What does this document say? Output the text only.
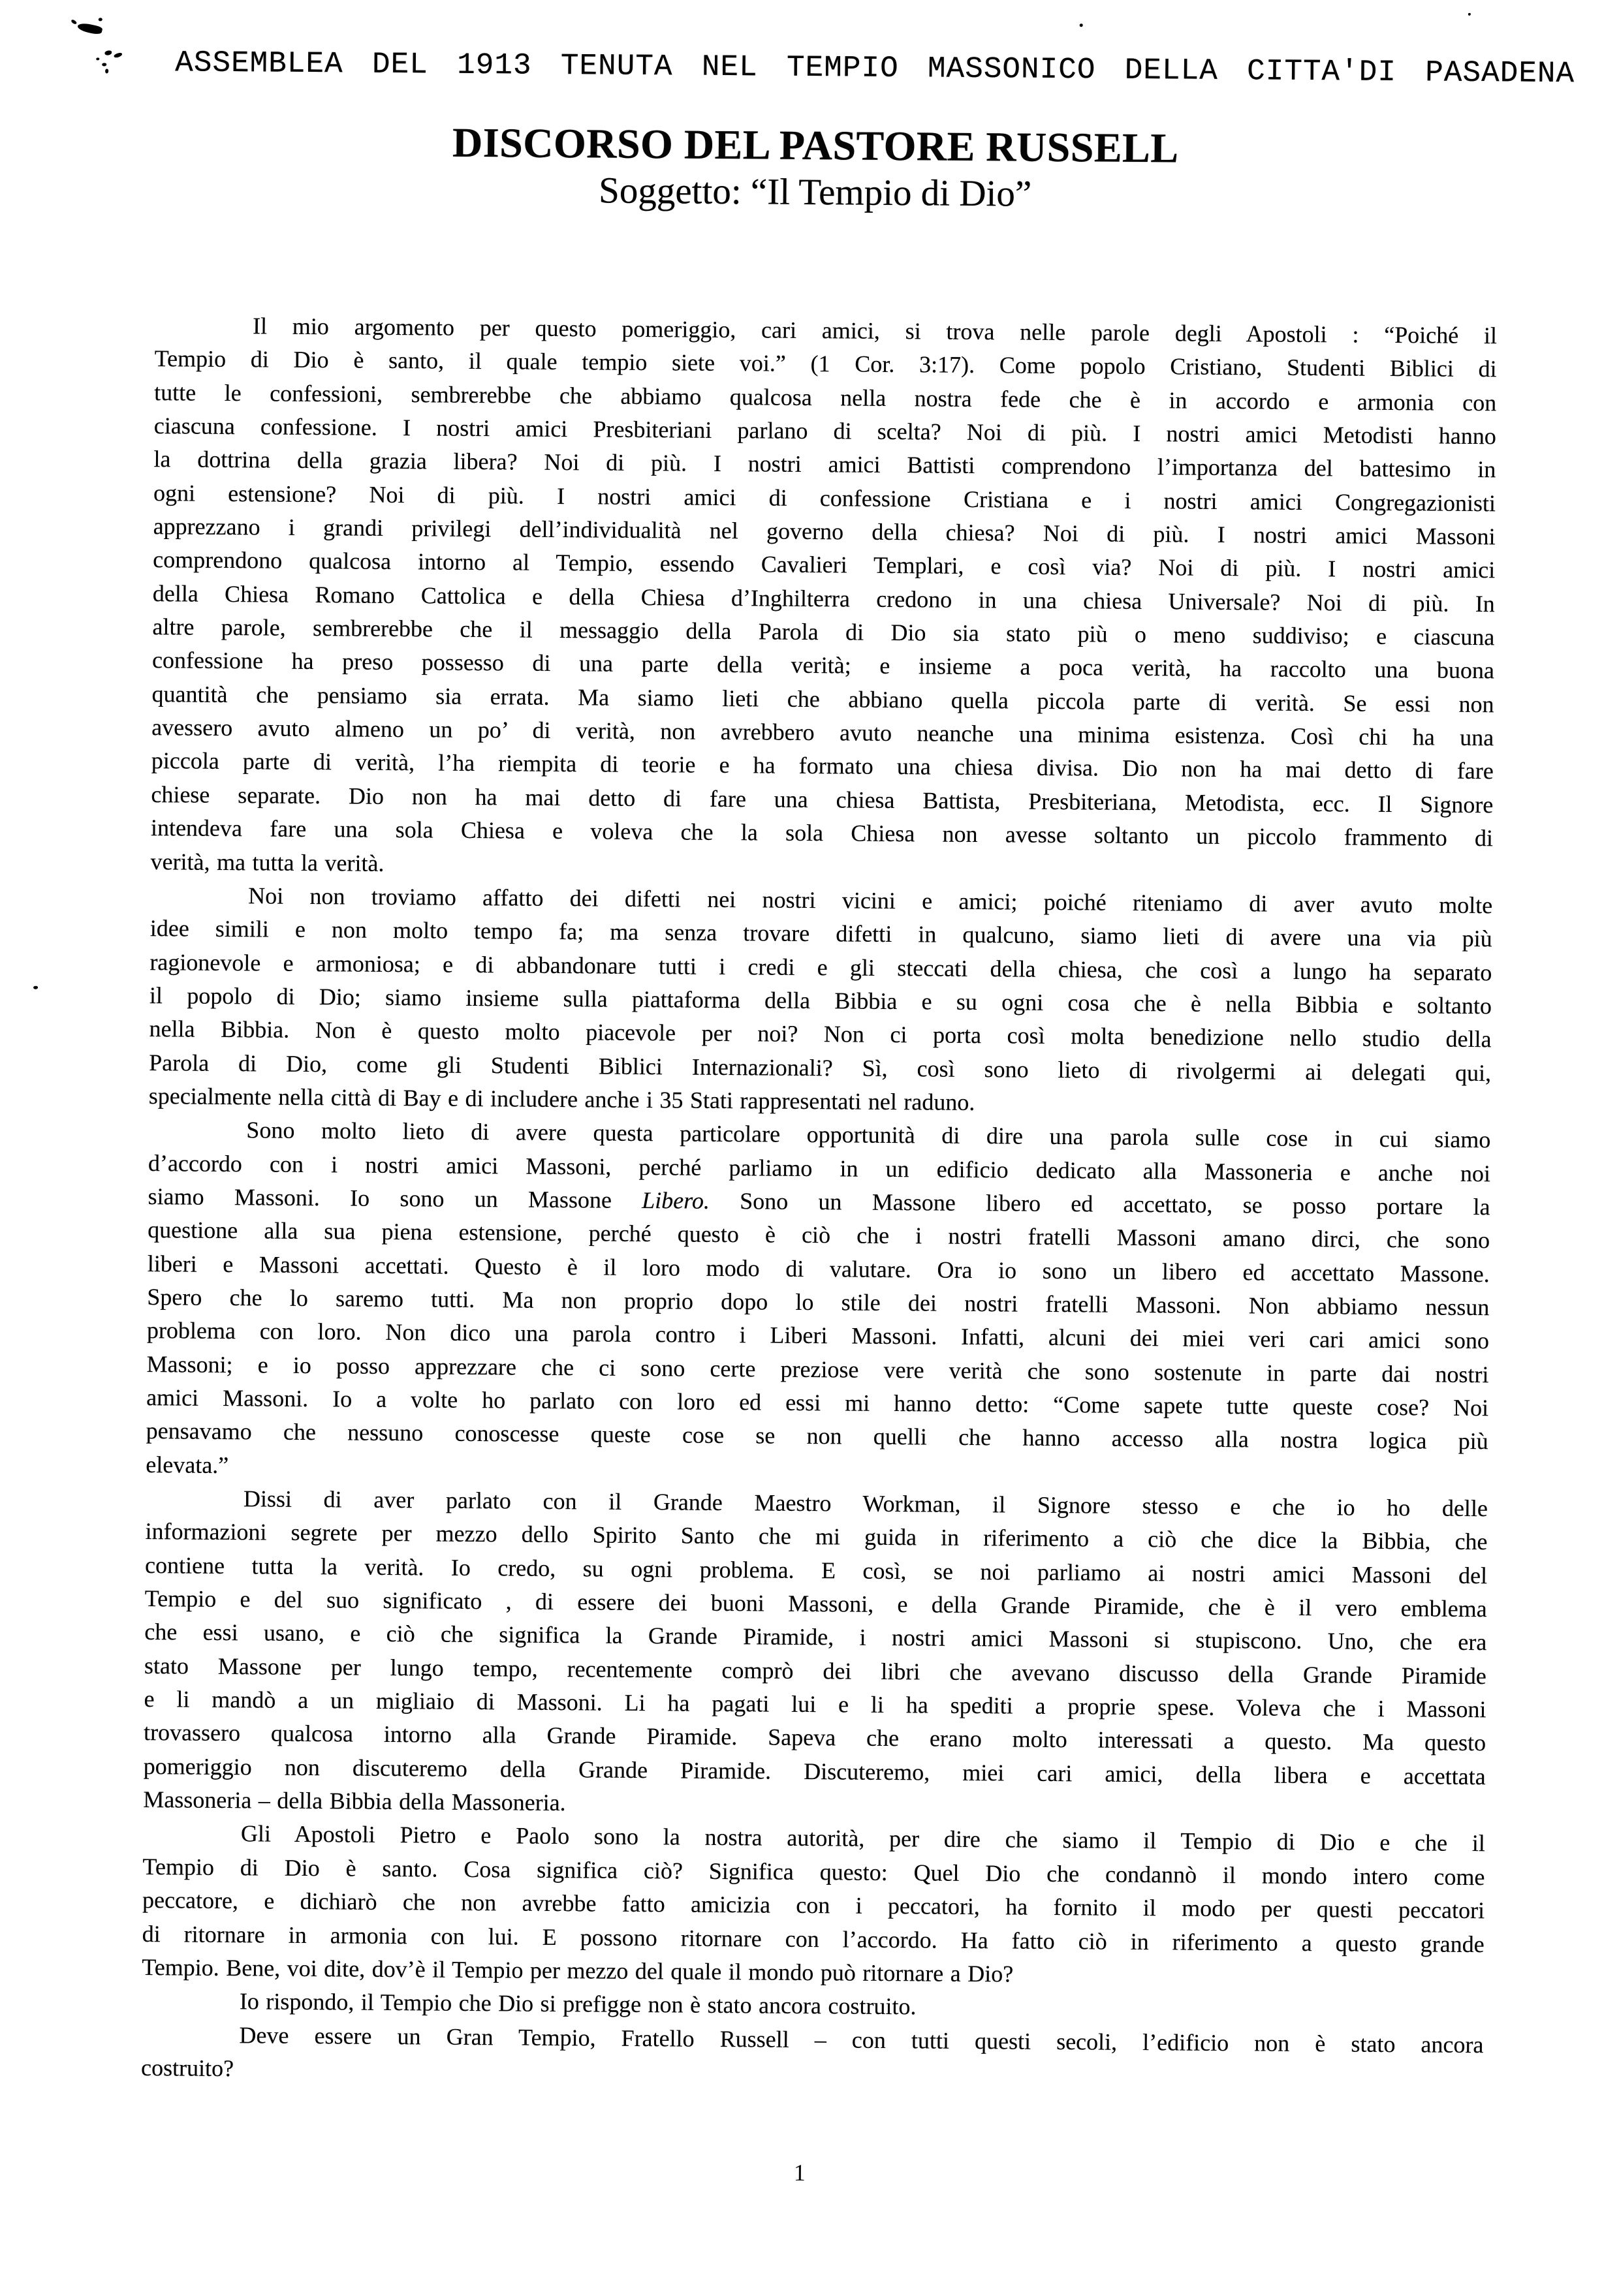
ASSEMBLEA DEL 1913 TENUTA NEL TEMPIO MASSONICO DELLA CITTA'DI PASADENA
DISCORSO DEL PASTORE RUSSELL
Soggetto: “Il Tempio di Dio”
Il mio argomento per questo pomeriggio, cari amici, si trova nelle parole degli Apostoli : “Poiché il
Tempio di Dio è santo, il quale tempio siete voi.” (1 Cor. 3:17). Come popolo Cristiano, Studenti Biblici di
tutte le confessioni, sembrerebbe che abbiamo qualcosa nella nostra fede che è in accordo e armonia con
ciascuna confessione. I nostri amici Presbiteriani parlano di scelta? Noi di più. I nostri amici Metodisti hanno
la dottrina della grazia libera? Noi di più. I nostri amici Battisti comprendono l’importanza del battesimo in
ogni estensione? Noi di più. I nostri amici di confessione Cristiana e i nostri amici Congregazionisti
apprezzano i grandi privilegi dell’individualità nel governo della chiesa? Noi di più. I nostri amici Massoni
comprendono qualcosa intorno al Tempio, essendo Cavalieri Templari, e così via? Noi di più. I nostri amici
della Chiesa Romano Cattolica e della Chiesa d’Inghilterra credono in una chiesa Universale? Noi di più. In
altre parole, sembrerebbe che il messaggio della Parola di Dio sia stato più o meno suddiviso; e ciascuna
confessione ha preso possesso di una parte della verità; e insieme a poca verità, ha raccolto una buona
quantità che pensiamo sia errata. Ma siamo lieti che abbiano quella piccola parte di verità. Se essi non
avessero avuto almeno un po’ di verità, non avrebbero avuto neanche una minima esistenza. Così chi ha una
piccola parte di verità, l’ha riempita di teorie e ha formato una chiesa divisa. Dio non ha mai detto di fare
chiese separate. Dio non ha mai detto di fare una chiesa Battista, Presbiteriana, Metodista, ecc. Il Signore
intendeva fare una sola Chiesa e voleva che la sola Chiesa non avesse soltanto un piccolo frammento di
verità, ma tutta la verità.
Noi non troviamo affatto dei difetti nei nostri vicini e amici; poiché riteniamo di aver avuto molte
idee simili e non molto tempo fa; ma senza trovare difetti in qualcuno, siamo lieti di avere una via più
ragionevole e armoniosa; e di abbandonare tutti i credi e gli steccati della chiesa, che così a lungo ha separato
il popolo di Dio; siamo insieme sulla piattaforma della Bibbia e su ogni cosa che è nella Bibbia e soltanto
nella Bibbia. Non è questo molto piacevole per noi? Non ci porta così molta benedizione nello studio della
Parola di Dio, come gli Studenti Biblici Internazionali? Sì, così sono lieto di rivolgermi ai delegati qui,
specialmente nella città di Bay e di includere anche i 35 Stati rappresentati nel raduno.
Sono molto lieto di avere questa particolare opportunità di dire una parola sulle cose in cui siamo
d’accordo con i nostri amici Massoni, perché parliamo in un edificio dedicato alla Massoneria e anche noi
siamo Massoni. Io sono un Massone Libero. Sono un Massone libero ed accettato, se posso portare la
questione alla sua piena estensione, perché questo è ciò che i nostri fratelli Massoni amano dirci, che sono
liberi e Massoni accettati. Questo è il loro modo di valutare. Ora io sono un libero ed accettato Massone.
Spero che lo saremo tutti. Ma non proprio dopo lo stile dei nostri fratelli Massoni. Non abbiamo nessun
problema con loro. Non dico una parola contro i Liberi Massoni. Infatti, alcuni dei miei veri cari amici sono
Massoni; e io posso apprezzare che ci sono certe preziose vere verità che sono sostenute in parte dai nostri
amici Massoni. Io a volte ho parlato con loro ed essi mi hanno detto: “Come sapete tutte queste cose? Noi
pensavamo che nessuno conoscesse queste cose se non quelli che hanno accesso alla nostra logica più
elevata.”
Dissi di aver parlato con il Grande Maestro Workman, il Signore stesso e che io ho delle
informazioni segrete per mezzo dello Spirito Santo che mi guida in riferimento a ciò che dice la Bibbia, che
contiene tutta la verità. Io credo, su ogni problema. E così, se noi parliamo ai nostri amici Massoni del
Tempio e del suo significato , di essere dei buoni Massoni, e della Grande Piramide, che è il vero emblema
che essi usano, e ciò che significa la Grande Piramide, i nostri amici Massoni si stupiscono. Uno, che era
stato Massone per lungo tempo, recentemente comprò dei libri che avevano discusso della Grande Piramide
e li mandò a un migliaio di Massoni. Li ha pagati lui e li ha spediti a proprie spese. Voleva che i Massoni
trovassero qualcosa intorno alla Grande Piramide. Sapeva che erano molto interessati a questo. Ma questo
pomeriggio non discuteremo della Grande Piramide. Discuteremo, miei cari amici, della libera e accettata
Massoneria – della Bibbia della Massoneria.
Gli Apostoli Pietro e Paolo sono la nostra autorità, per dire che siamo il Tempio di Dio e che il
Tempio di Dio è santo. Cosa significa ciò? Significa questo: Quel Dio che condannò il mondo intero come
peccatore, e dichiarò che non avrebbe fatto amicizia con i peccatori, ha fornito il modo per questi peccatori
di ritornare in armonia con lui. E possono ritornare con l’accordo. Ha fatto ciò in riferimento a questo grande
Tempio. Bene, voi dite, dov’è il Tempio per mezzo del quale il mondo può ritornare a Dio?
Io rispondo, il Tempio che Dio si prefigge non è stato ancora costruito.
Deve essere un Gran Tempio, Fratello Russell – con tutti questi secoli, l’edificio non è stato ancora
costruito?
1
